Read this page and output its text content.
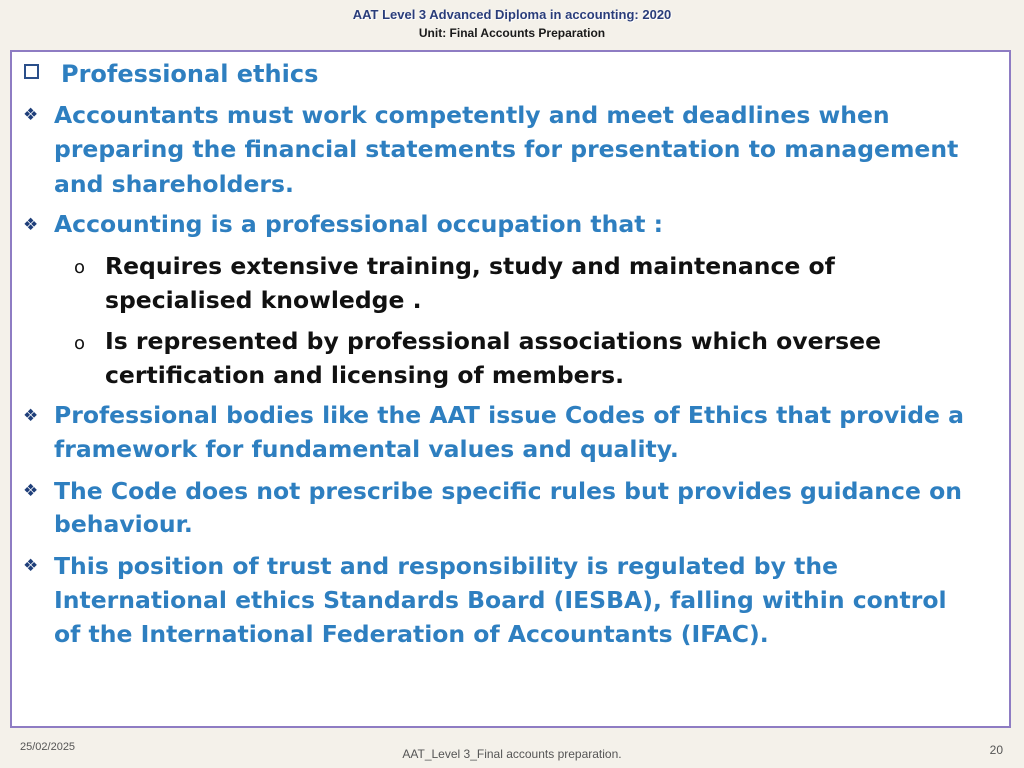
AAT Level 3 Advanced Diploma in accounting: 2020
Unit: Final Accounts Preparation
Professional ethics
❖ Accountants must work competently and meet deadlines when
preparing the financial statements for presentation to management
and shareholders.
❖ Accounting is a professional occupation that :
o Requires extensive training, study and maintenance of
specialised knowledge .
o Is represented by professional associations which oversee
certification and licensing of members.
❖ Professional bodies like the AAT issue Codes of Ethics that provide a
framework for fundamental values and quality.
❖ The Code does not prescribe specific rules but provides guidance on
behaviour.
❖ This position of trust and responsibility is regulated by the
International ethics Standards Board (IESBA), falling within control
of the International Federation of Accountants (IFAC).
25/02/2025	AAT_Level 3_Final accounts preparation.	20
